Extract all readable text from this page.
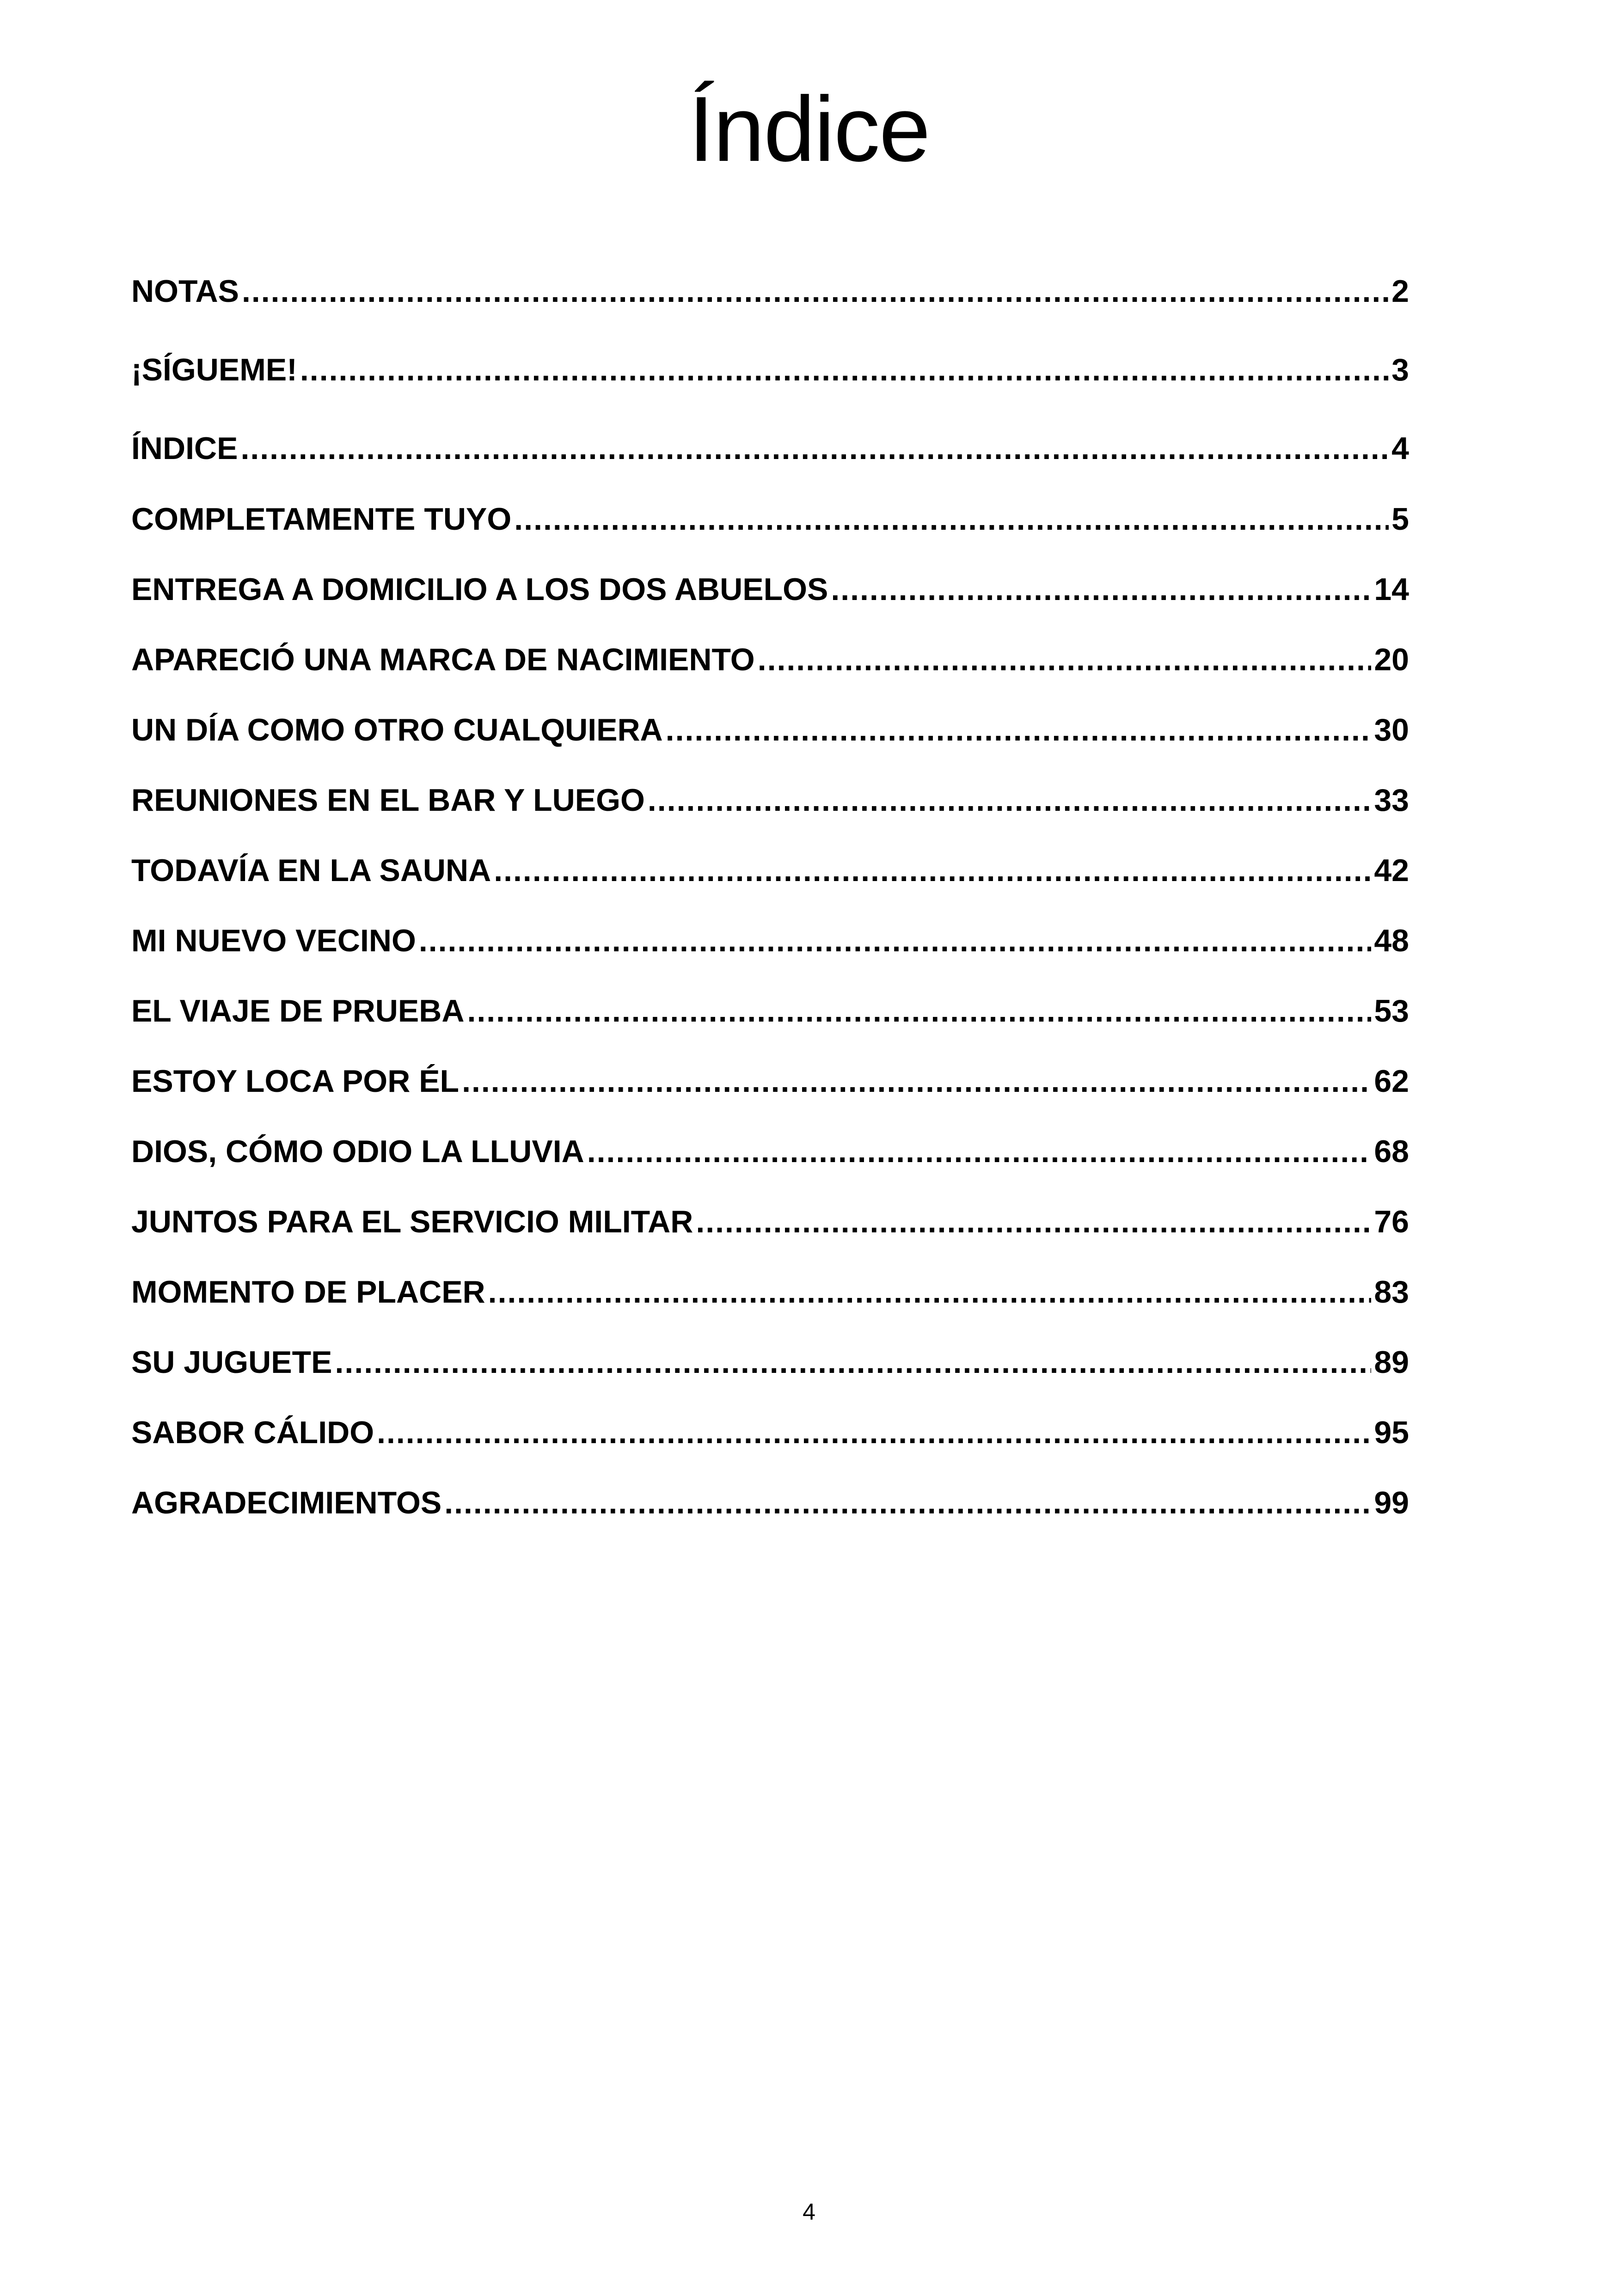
Índice
NOTAS .....	2
¡SÍGUEME! .....	3
ÍNDICE .....	4
COMPLETAMENTE TUYO .....	5
ENTREGA A DOMICILIO A LOS DOS ABUELOS .....	14
APARECIÓ UNA MARCA DE NACIMIENTO .....	20
UN DÍA COMO OTRO CUALQUIERA .....	30
REUNIONES EN EL BAR Y LUEGO .....	33
TODAVÍA EN LA SAUNA .....	42
MI NUEVO VECINO .....	48
EL VIAJE DE PRUEBA .....	53
ESTOY LOCA POR ÉL .....	62
DIOS, CÓMO ODIO LA LLUVIA .....	68
JUNTOS PARA EL SERVICIO MILITAR .....	76
MOMENTO DE PLACER .....	83
SU JUGUETE .....	89
SABOR CÁLIDO .....	95
AGRADECIMIENTOS .....	99
4
